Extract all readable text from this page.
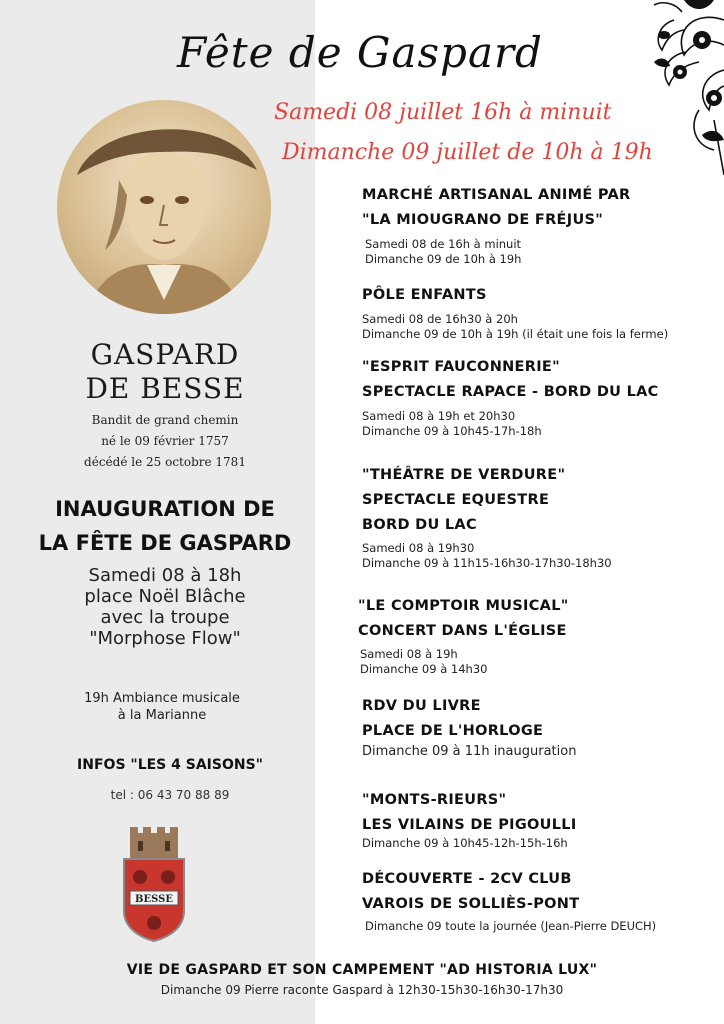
Fête de Gaspard
Samedi 08 juillet 16h à minuit
Dimanche 09 juillet de 10h à 19h
GASPARD
DE BESSE
Bandit de grand chemin
né le 09 février 1757
décédé le 25 octobre 1781
INAUGURATION DE
LA FÊTE DE GASPARD
Samedi 08 à 18h
place Noël Blâche
avec la troupe
"Morphose Flow"
19h Ambiance musicale
à la Marianne
INFOS "LES 4 SAISONS"
tel : 06 43 70 88 89
BESSE
MARCHÉ ARTISANAL ANIMÉ PAR
"LA MIOUGRANO DE FRÉJUS"
Samedi 08 de 16h à minuit
Dimanche 09 de 10h à 19h
PÔLE ENFANTS
Samedi 08 de 16h30 à 20h
Dimanche 09 de 10h à 19h (il était une fois la ferme)
"ESPRIT FAUCONNERIE"
SPECTACLE RAPACE - BORD DU LAC
Samedi 08 à 19h et 20h30
Dimanche 09 à 10h45-17h-18h
"THÉÂTRE DE VERDURE"
SPECTACLE EQUESTRE
BORD DU LAC
Samedi 08 à 19h30
Dimanche 09 à 11h15-16h30-17h30-18h30
"LE COMPTOIR MUSICAL"
CONCERT DANS L'ÉGLISE
Samedi 08 à 19h
Dimanche 09 à 14h30
RDV DU LIVRE
PLACE DE L'HORLOGE
Dimanche 09 à 11h inauguration
"MONTS-RIEURS"
LES VILAINS DE PIGOULLI
Dimanche 09 à 10h45-12h-15h-16h
DÉCOUVERTE - 2CV CLUB
VAROIS DE SOLLIÈS-PONT
Dimanche 09 toute la journée (Jean-Pierre DEUCH)
VIE DE GASPARD ET SON CAMPEMENT "AD HISTORIA LUX"
Dimanche 09 Pierre raconte Gaspard à 12h30-15h30-16h30-17h30
